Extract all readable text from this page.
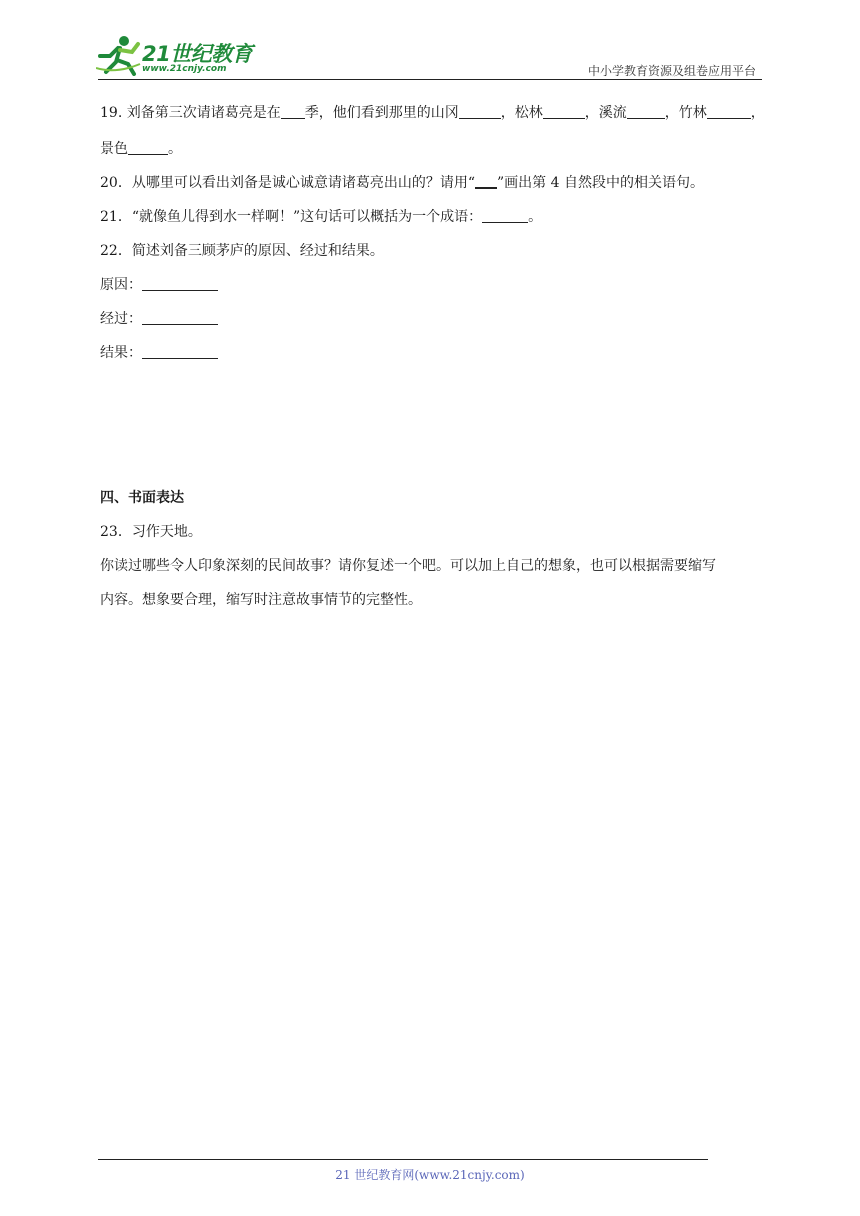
21世纪教育
www.21cnjy.com	中小学教育资源及组卷应用平台
19. 刘备第三次请诸葛亮是在 季，他们看到那里的山冈	，松林	，溪流	，竹林	，
景色	。
20．从哪里可以看出刘备是诚心诚意请诸葛亮出山的？请用“ ”画出第 4 自然段中的相关语句。
21．“就像鱼儿得到水一样啊！”这句话可以概括为一个成语：	。
22．简述刘备三顾茅庐的原因、经过和结果。
原因：
经过：
结果：
四、书面表达
23．习作天地。
你读过哪些令人印象深刻的民间故事？请你复述一个吧。可以加上自己的想象，也可以根据需要缩写
内容。想象要合理，缩写时注意故事情节的完整性。
21 世纪教育网(www.21cnjy.com)
